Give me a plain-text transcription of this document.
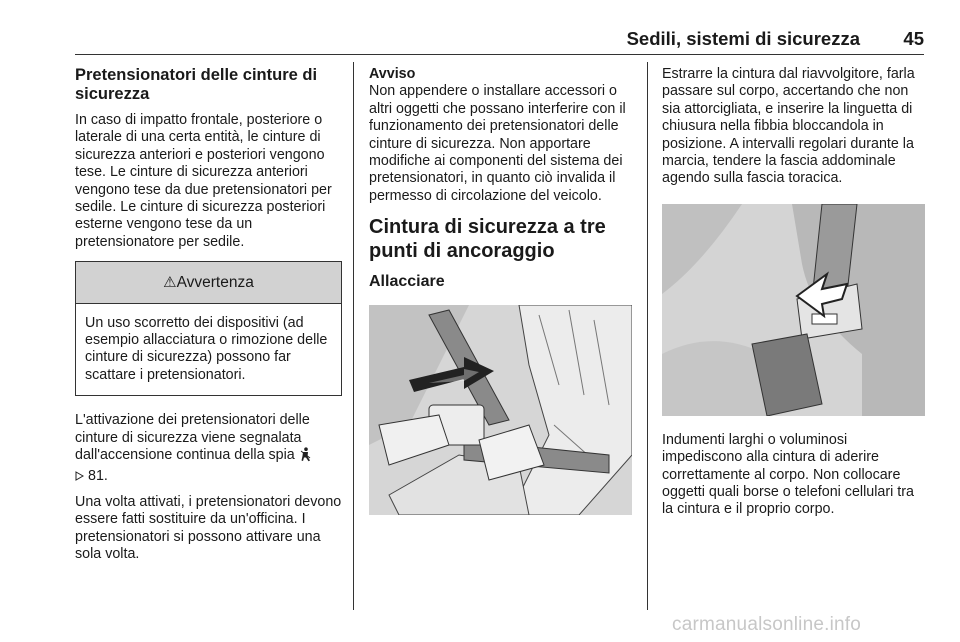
Sedili, sistemi di sicurezza 45
Pretensionatori delle cinture di sicurezza

In caso di impatto frontale, posteriore o laterale di una certa entità, le cinture di sicurezza anteriori e posteriori vengono tese. Le cinture di sicurezza anteriori vengono tese da due pretensionatori per sedile. Le cinture di sicurezza posteriori esterne vengono tese da un pretensionatore per sedile.

⚠Avvertenza
Un uso scorretto dei dispositivi (ad esempio allacciatura o rimozione delle cinture di sicurezza) possono far scattare i pretensionatori.

L'attivazione dei pretensionatori delle cinture di sicurezza viene segnalata dall'accensione continua della spia
81.

Una volta attivati, i pretensionatori devono essere fatti sostituire da un'officina. I pretensionatori si possono attivare una sola volta.

Avviso
Non appendere o installare accessori o altri oggetti che possano interferire con il funzionamento dei pretensionatori delle cinture di sicurezza. Non apportare modifiche ai componenti del sistema dei pretensionatori, in quanto ciò invalida il permesso di circolazione del veicolo.
Cintura di sicurezza a tre punti di ancoraggio
Allacciare

Estrarre la cintura dal riavvolgitore, farla passare sul corpo, accertando che non sia attorcigliata, e inserire la linguetta di chiusura nella fibbia bloccandola in posizione. A intervalli regolari durante la marcia, tendere la fascia addominale agendo sulla fascia toracica.

Indumenti larghi o voluminosi impediscono alla cintura di aderire correttamente al corpo. Non collocare oggetti quali borse o telefoni cellulari tra la cintura e il proprio corpo.

carmanualsonline.info
